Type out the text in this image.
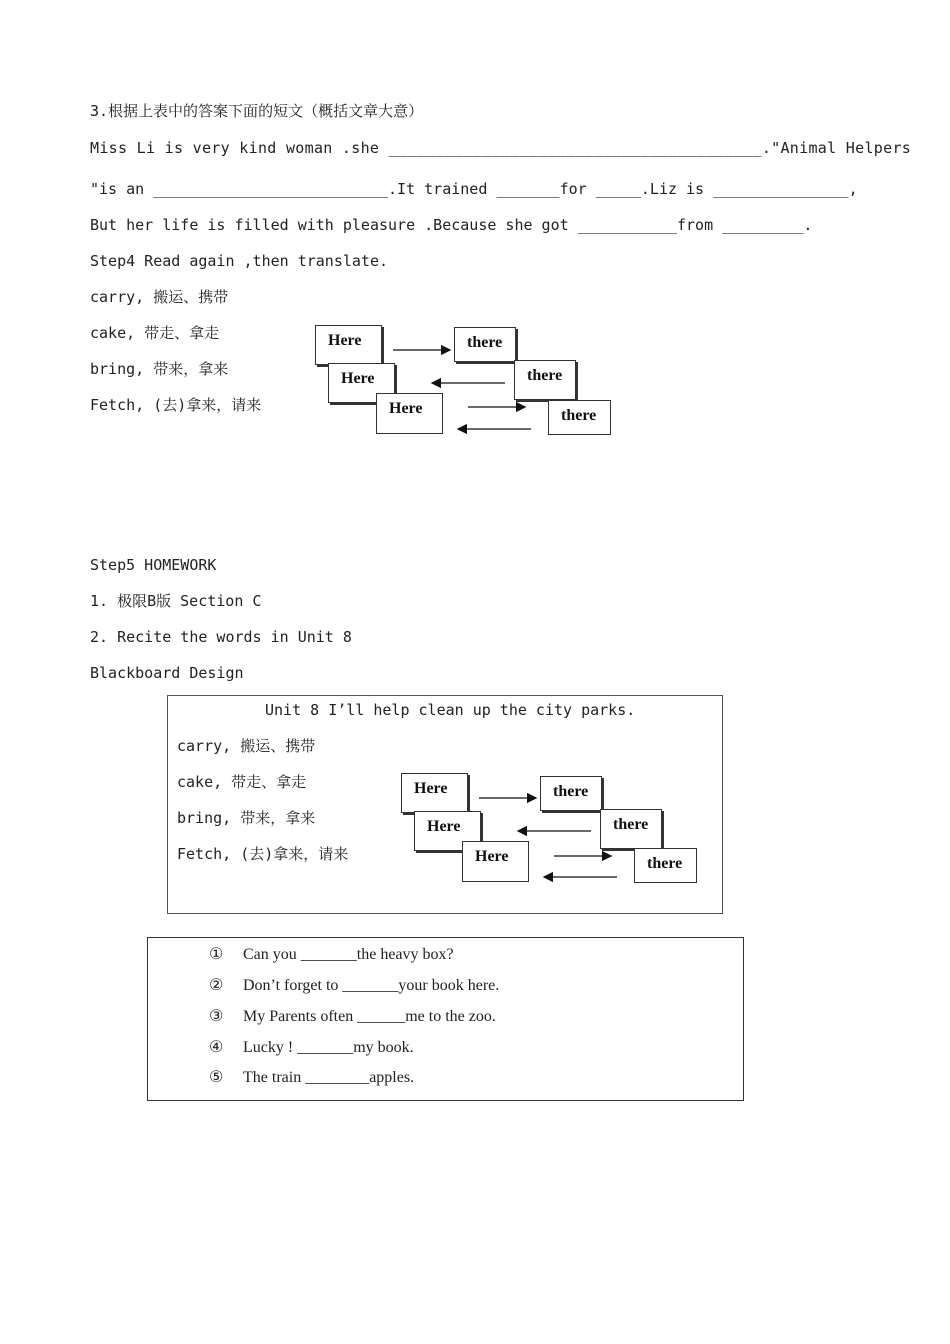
3.根据上表中的答案下面的短文（概括文章大意）
Miss Li is very kind woman .she ________________________________________."Animal Helpers
"is an __________________________.It trained _______for _____.Liz is _______________,
But her life is filled with pleasure .Because she got ___________from _________.
Step4 Read again ,then translate.
carry, 搬运、携带
cake, 带走、拿走
bring, 带来，拿来
Fetch, (去)拿来，请来
Here	there
Here	there
Here	there
Step5 HOMEWORK
1. 极限B版 Section C
2. Recite the words in Unit 8
Blackboard Design
Unit 8 I’ll help clean up the city parks.
carry, 搬运、携带
cake, 带走、拿走
bring, 带来，拿来
Fetch, (去)拿来，请来
Here	there
Here	there
Here	there
① Can you _______the heavy box?
② Don’t forget to _______your book here.
③ My Parents often ______me to the zoo.
④ Lucky ! _______my book.
⑤ The train ________apples.
